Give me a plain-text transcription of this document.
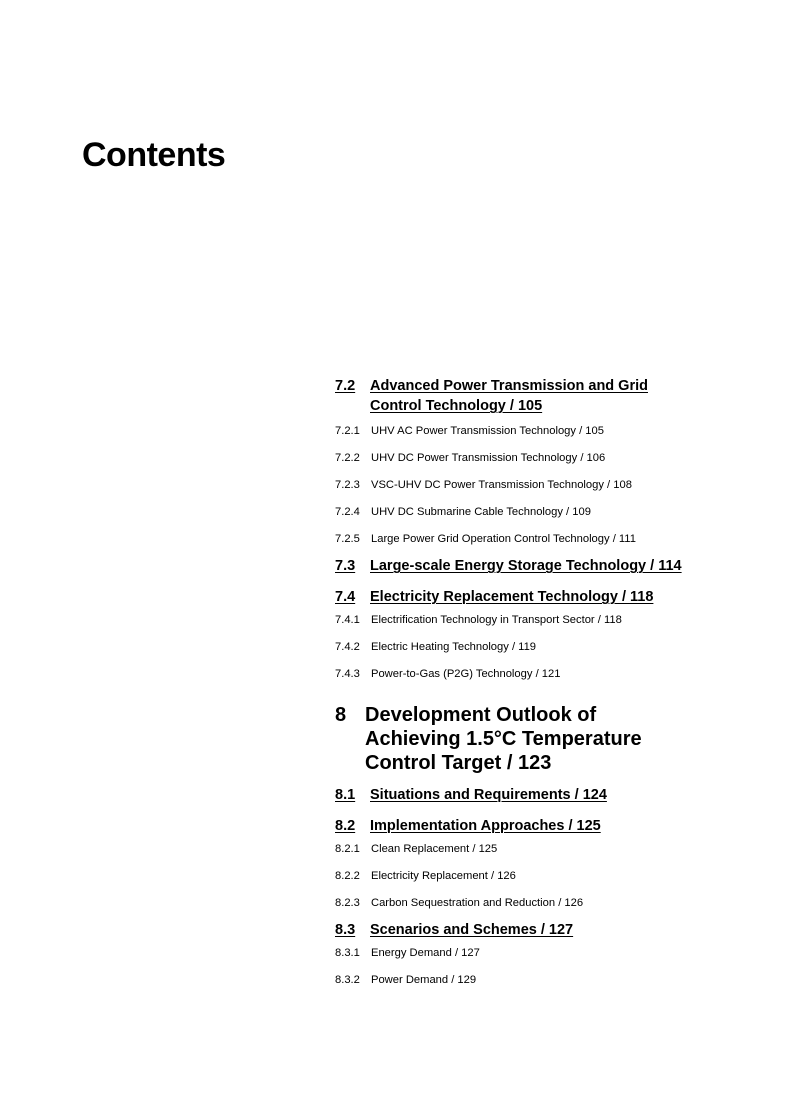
Contents
7.2	Advanced Power Transmission and Grid
Control Technology / 105
7.2.1 UHV AC Power Transmission Technology / 105
7.2.2 UHV DC Power Transmission Technology / 106
7.2.3 VSC-UHV DC Power Transmission Technology / 108
7.2.4 UHV DC Submarine Cable Technology / 109
7.2.5 Large Power Grid Operation Control Technology / 111
7.3	Large-scale Energy Storage Technology / 114
7.4	Electricity Replacement Technology / 118
7.4.1 Electrification Technology in Transport Sector / 118
7.4.2 Electric Heating Technology / 119
7.4.3 Power-to-Gas (P2G) Technology / 121
8 Development Outlook of Achieving 1.5°C Temperature Control Target / 123
8.1	Situations and Requirements / 124
8.2	Implementation Approaches / 125
8.2.1 Clean Replacement / 125
8.2.2 Electricity Replacement / 126
8.2.3 Carbon Sequestration and Reduction / 126
8.3	Scenarios and Schemes / 127
8.3.1 Energy Demand / 127
8.3.2 Power Demand / 129
